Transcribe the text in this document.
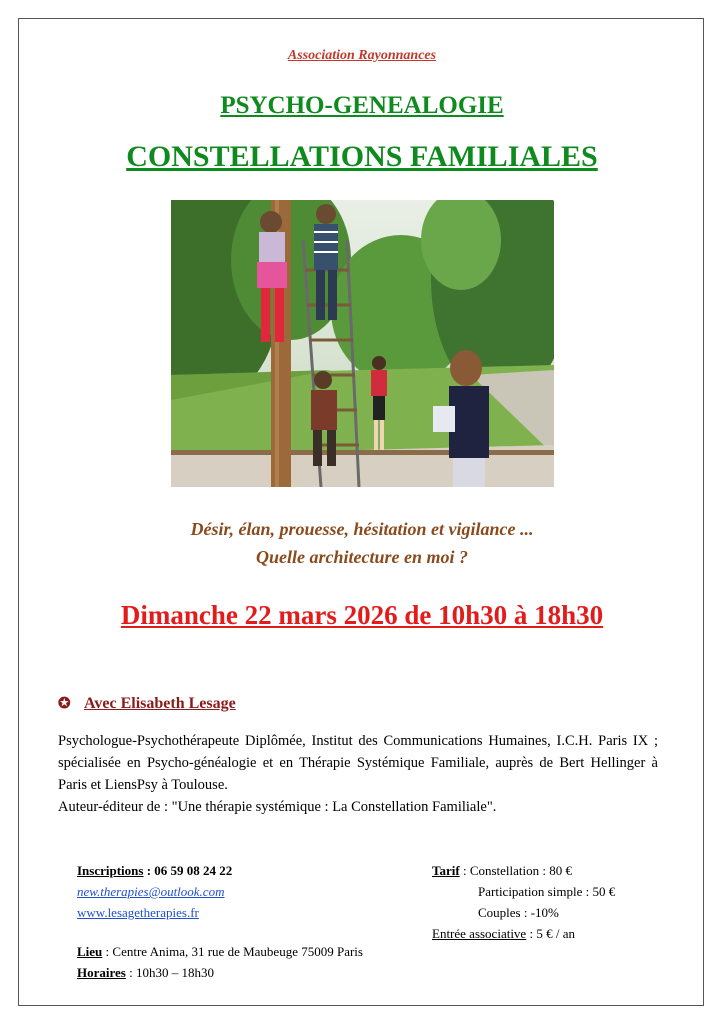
Association Rayonnances
PSYCHO-GENEALOGIE
CONSTELLATIONS FAMILIALES
Désir, élan, prouesse, hésitation et vigilance ...
Quelle architecture en moi ?
Dimanche 22 mars 2026 de 10h30 à 18h30
✪ Avec Elisabeth Lesage

Psychologue-Psychothérapeute Diplômée, Institut des Communications Humaines, I.C.H. Paris IX ; spécialisée en Psycho-généalogie et en Thérapie Systémique Familiale, auprès de Bert Hellinger à Paris et LiensPsy à Toulouse.

Auteur-éditeur de : "Une thérapie systémique : La Constellation Familiale".

Inscriptions : 06 59 08 24 22
new.therapies@outlook.com
www.lesagetherapies.fr
Tarif : Constellation : 80 €
Participation simple : 50 €
Couples : -10%
Entrée associative : 5 € / an
Lieu : Centre Anima, 31 rue de Maubeuge 75009 Paris
Horaires : 10h30 – 18h30
